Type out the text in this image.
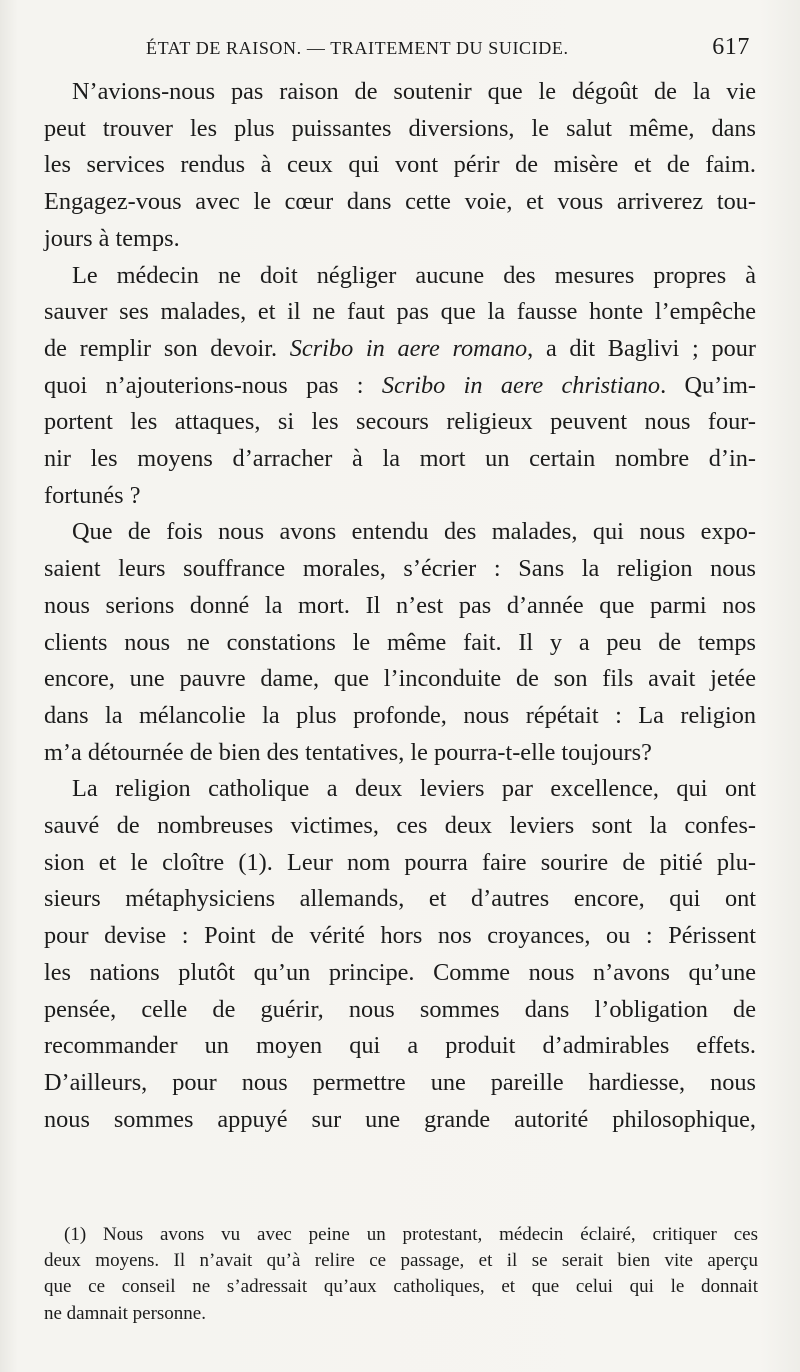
ÉTAT DE RAISON. — TRAITEMENT DU SUICIDE.	617

N’avions-nous pas raison de soutenir que le dégoût de la vie
peut trouver les plus puissantes diversions, le salut même, dans
les services rendus à ceux qui vont périr de misère et de faim.
Engagez-vous avec le cœur dans cette voie, et vous arriverez tou-
jours à temps.

Le médecin ne doit négliger aucune des mesures propres à
sauver ses malades, et il ne faut pas que la fausse honte l’empêche
de remplir son devoir. Scribo in aere romano, a dit Baglivi ; pour
quoi n’ajouterions-nous pas : Scribo in aere christiano. Qu’im-
portent les attaques, si les secours religieux peuvent nous four-
nir les moyens d’arracher à la mort un certain nombre d’in-
fortunés ?

Que de fois nous avons entendu des malades, qui nous expo-
saient leurs souffrance morales, s’écrier : Sans la religion nous
nous serions donné la mort. Il n’est pas d’année que parmi nos
clients nous ne constations le même fait. Il y a peu de temps
encore, une pauvre dame, que l’inconduite de son fils avait jetée
dans la mélancolie la plus profonde, nous répétait : La religion
m’a détournée de bien des tentatives, le pourra-t-elle toujours?

La religion catholique a deux leviers par excellence, qui ont
sauvé de nombreuses victimes, ces deux leviers sont la confes-
sion et le cloître (1). Leur nom pourra faire sourire de pitié plu-
sieurs métaphysiciens allemands, et d’autres encore, qui ont
pour devise : Point de vérité hors nos croyances, ou : Périssent
les nations plutôt qu’un principe. Comme nous n’avons qu’une
pensée, celle de guérir, nous sommes dans l’obligation de
recommander un moyen qui a produit d’admirables effets.
D’ailleurs, pour nous permettre une pareille hardiesse, nous
nous sommes appuyé sur une grande autorité philosophique,

(1) Nous avons vu avec peine un protestant, médecin éclairé, critiquer ces
deux moyens. Il n’avait qu’à relire ce passage, et il se serait bien vite aperçu
que ce conseil ne s’adressait qu’aux catholiques, et que celui qui le donnait
ne damnait personne.
